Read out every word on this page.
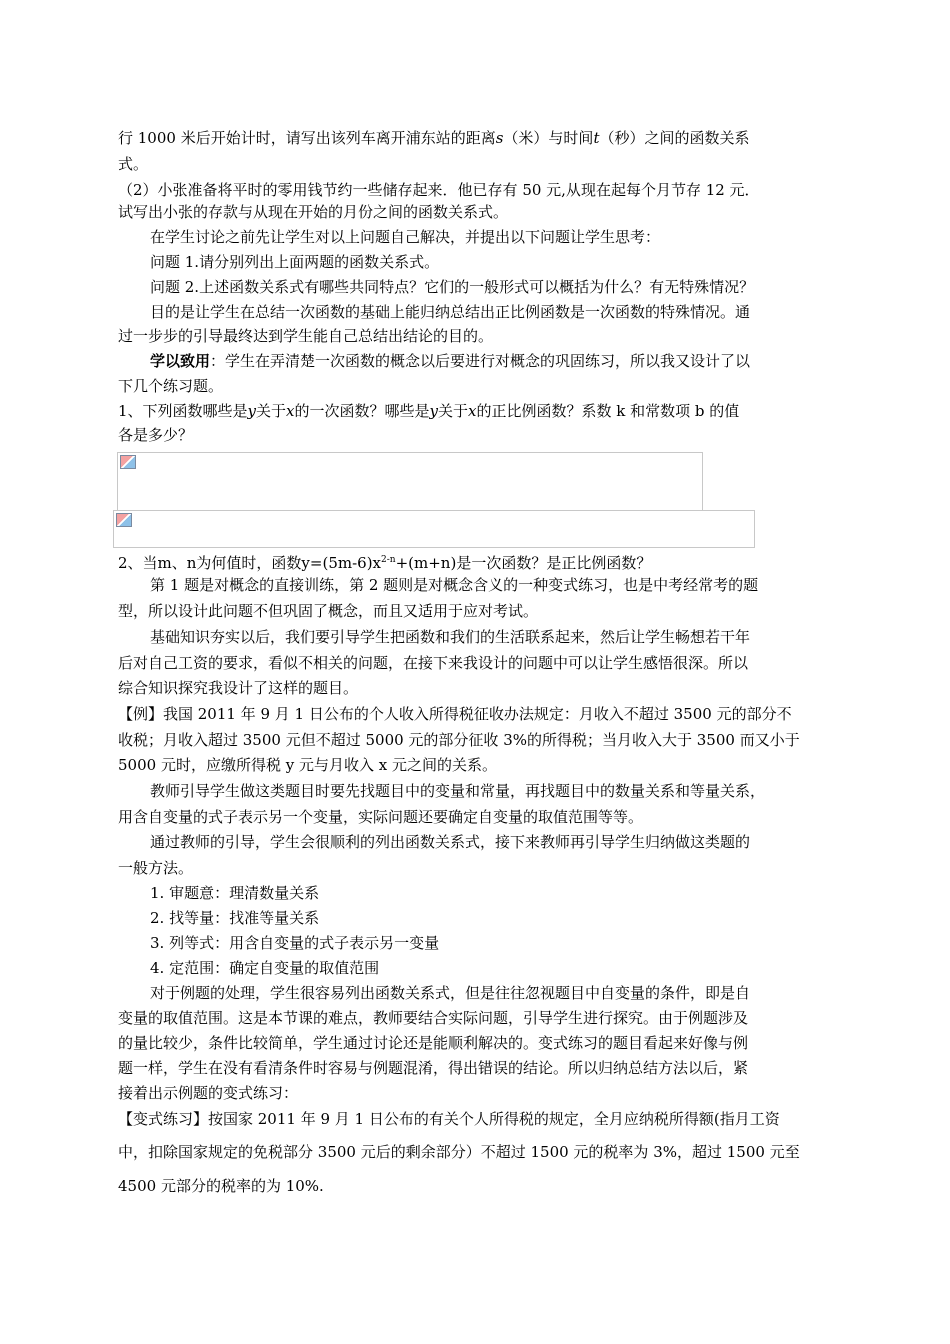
行 1000 米后开始计时，请写出该列车离开浦东站的距离s（米）与时间t（秒）之间的函数关系
式。
（2）小张准备将平时的零用钱节约一些储存起来．他已存有 50 元,从现在起每个月节存 12 元．
试写出小张的存款与从现在开始的月份之间的函数关系式。
在学生讨论之前先让学生对以上问题自己解决，并提出以下问题让学生思考：
问题 1.请分别列出上面两题的函数关系式。
问题 2.上述函数关系式有哪些共同特点？它们的一般形式可以概括为什么？有无特殊情况？
目的是让学生在总结一次函数的基础上能归纳总结出正比例函数是一次函数的特殊情况。通
过一步步的引导最终达到学生能自己总结出结论的目的。
学以致用：学生在弄清楚一次函数的概念以后要进行对概念的巩固练习，所以我又设计了以
下几个练习题。
1、下列函数哪些是y关于x的一次函数？哪些是y关于x的正比例函数？系数 k 和常数项 b 的值
各是多少？
2、当m、n为何值时，函数$y=(5m-6)x^{2-n}+(m+n)$是一次函数？是正比例函数？
第 1 题是对概念的直接训练，第 2 题则是对概念含义的一种变式练习，也是中考经常考的题
型，所以设计此问题不但巩固了概念，而且又适用于应对考试。
基础知识夯实以后，我们要引导学生把函数和我们的生活联系起来，然后让学生畅想若干年
后对自己工资的要求，看似不相关的问题，在接下来我设计的问题中可以让学生感悟很深。所以
综合知识探究我设计了这样的题目。
【例】我国 2011 年 9 月 1 日公布的个人收入所得税征收办法规定：月收入不超过 3500 元的部分不
收税；月收入超过 3500 元但不超过 5000 元的部分征收 3%的所得税；当月收入大于 3500 而又小于
5000 元时，应缴所得税 y 元与月收入 x 元之间的关系。
教师引导学生做这类题目时要先找题目中的变量和常量，再找题目中的数量关系和等量关系，
用含自变量的式子表示另一个变量，实际问题还要确定自变量的取值范围等等。
通过教师的引导，学生会很顺利的列出函数关系式，接下来教师再引导学生归纳做这类题的
一般方法。
1. 审题意：理清数量关系
2. 找等量：找准等量关系
3. 列等式：用含自变量的式子表示另一变量
4. 定范围：确定自变量的取值范围
对于例题的处理，学生很容易列出函数关系式，但是往往忽视题目中自变量的条件，即是自
变量的取值范围。这是本节课的难点，教师要结合实际问题，引导学生进行探究。由于例题涉及
的量比较少，条件比较简单，学生通过讨论还是能顺利解决的。变式练习的题目看起来好像与例
题一样，学生在没有看清条件时容易与例题混淆，得出错误的结论。所以归纳总结方法以后，紧
接着出示例题的变式练习：
【变式练习】按国家 2011 年 9 月 1 日公布的有关个人所得税的规定，全月应纳税所得额(指月工资
中，扣除国家规定的免税部分 3500 元后的剩余部分）不超过 1500 元的税率为 3%，超过 1500 元至
4500 元部分的税率的为 10%.
